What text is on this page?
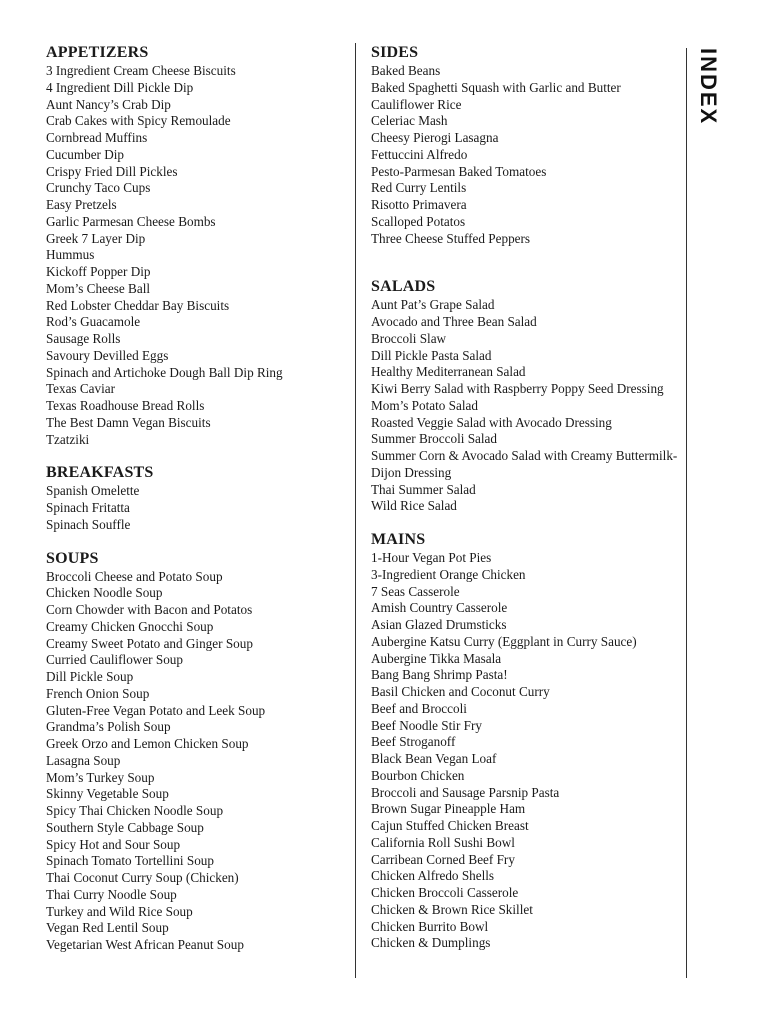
APPETIZERS
3 Ingredient Cream Cheese Biscuits
4 Ingredient Dill Pickle Dip
Aunt Nancy’s Crab Dip
Crab Cakes with Spicy Remoulade
Cornbread Muffins
Cucumber Dip
Crispy Fried Dill Pickles
Crunchy Taco Cups
Easy Pretzels
Garlic Parmesan Cheese Bombs
Greek 7 Layer Dip
Hummus
Kickoff Popper Dip
Mom’s Cheese Ball
Red Lobster Cheddar Bay Biscuits
Rod’s Guacamole
Sausage Rolls
Savoury Devilled Eggs
Spinach and Artichoke Dough Ball Dip Ring
Texas Caviar
Texas Roadhouse Bread Rolls
The Best Damn Vegan Biscuits
Tzatziki
BREAKFASTS
Spanish Omelette
Spinach Fritatta
Spinach Souffle
SOUPS
Broccoli Cheese and Potato Soup
Chicken Noodle Soup
Corn Chowder with Bacon and Potatos
Creamy Chicken Gnocchi Soup
Creamy Sweet Potato and Ginger Soup
Curried Cauliflower Soup
Dill Pickle Soup
French Onion Soup
Gluten-Free Vegan Potato and Leek Soup
Grandma’s Polish Soup
Greek Orzo and Lemon Chicken Soup
Lasagna Soup
Mom’s Turkey Soup
Skinny Vegetable Soup
Spicy Thai Chicken Noodle Soup
Southern Style Cabbage Soup
Spicy Hot and Sour Soup
Spinach Tomato Tortellini Soup
Thai Coconut Curry Soup (Chicken)
Thai Curry Noodle Soup
Turkey and Wild Rice Soup
Vegan Red Lentil Soup
Vegetarian West African Peanut Soup
SIDES
Baked Beans
Baked Spaghetti Squash with Garlic and Butter
Cauliflower Rice
Celeriac Mash
Cheesy Pierogi Lasagna
Fettuccini Alfredo
Pesto-Parmesan Baked Tomatoes
Red Curry Lentils
Risotto Primavera
Scalloped Potatos
Three Cheese Stuffed Peppers
SALADS
Aunt Pat’s Grape Salad
Avocado and Three Bean Salad
Broccoli Slaw
Dill Pickle Pasta Salad
Healthy Mediterranean Salad
Kiwi Berry Salad with Raspberry Poppy Seed Dressing
Mom’s Potato Salad
Roasted Veggie Salad with Avocado Dressing
Summer Broccoli Salad
Summer Corn & Avocado Salad with Creamy Buttermilk-Dijon Dressing
Thai Summer Salad
Wild Rice Salad
MAINS
1-Hour Vegan Pot Pies
3-Ingredient Orange Chicken
7 Seas Casserole
Amish Country Casserole
Asian Glazed Drumsticks
Aubergine Katsu Curry (Eggplant in Curry Sauce)
Aubergine Tikka Masala
Bang Bang Shrimp Pasta!
Basil Chicken and Coconut Curry
Beef and Broccoli
Beef Noodle Stir Fry
Beef Stroganoff
Black Bean Vegan Loaf
Bourbon Chicken
Broccoli and Sausage Parsnip Pasta
Brown Sugar Pineapple Ham
Cajun Stuffed Chicken Breast
California Roll Sushi Bowl
Carribean Corned Beef Fry
Chicken Alfredo Shells
Chicken Broccoli Casserole
Chicken & Brown Rice Skillet
Chicken Burrito Bowl
Chicken & Dumplings
INDEX
